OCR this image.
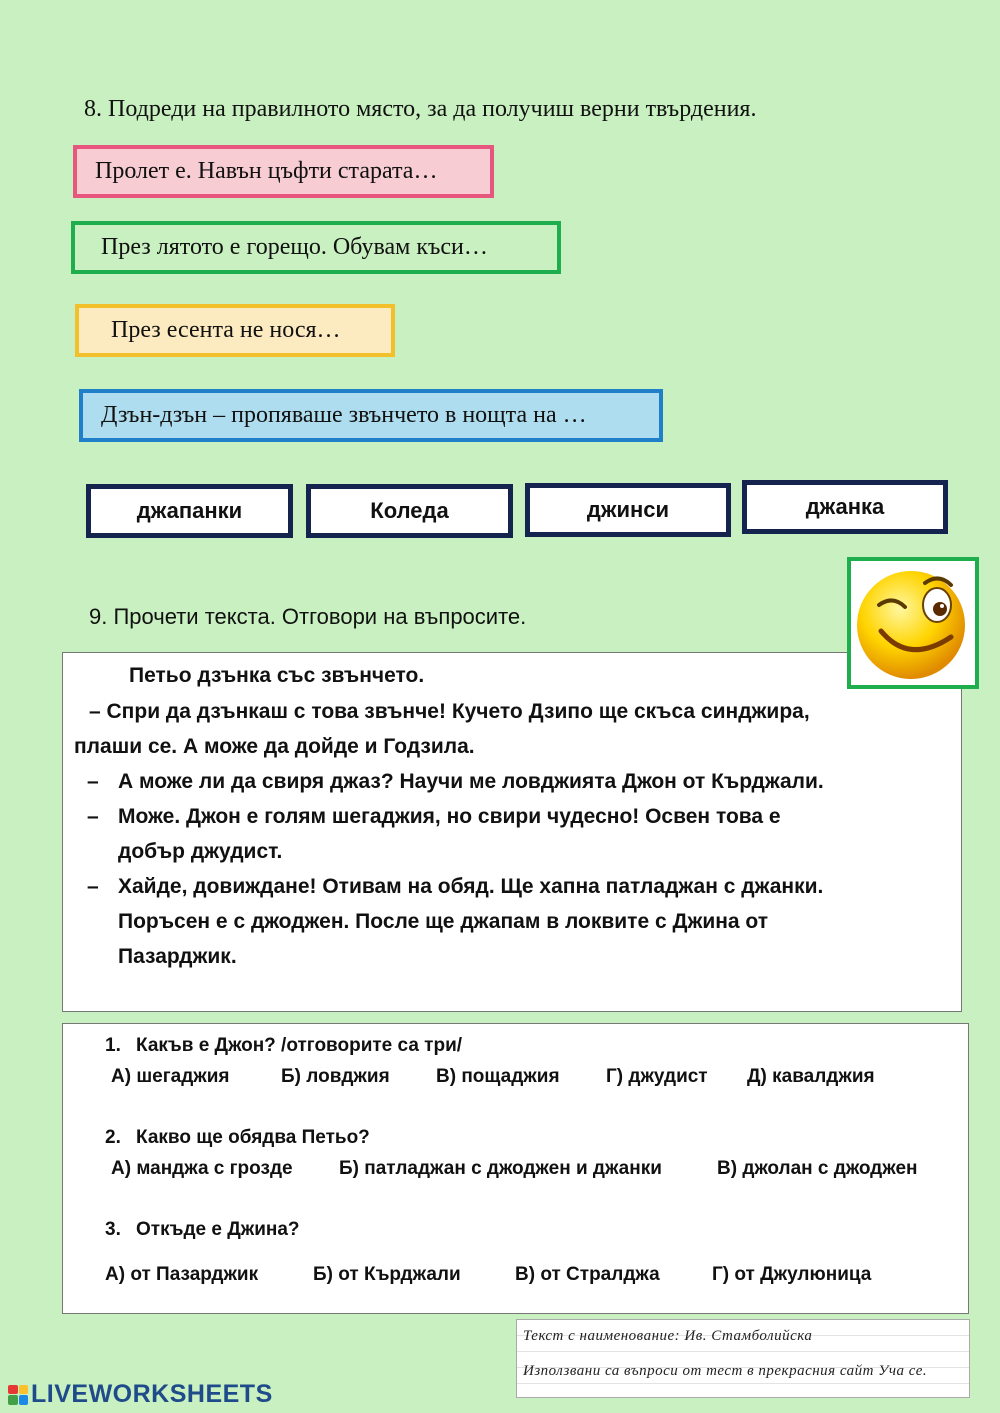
8. Подреди на правилното място, за да получиш верни твърдения.
Пролет е. Навън цъфти старата…
През лятото е горещо. Обувам къси…
През есента не нося…
Дзън-дзън – пропяваше звънчето в нощта на …
джапанки	Коледа	джинси	джанка
9. Прочети текста. Отговори на въпросите.
Петьо дзънка със звънчето.
– Спри да дзънкаш с това звънче! Кучето Дзипо ще скъса синджира,
плаши се. А може да дойде и Годзила.
– А може ли да свиря джаз? Научи ме ловджията Джон от Кърджали.
– Може. Джон е голям шегаджия, но свири чудесно! Освен това е
добър джудист.
– Хайде, довиждане! Отивам на обяд. Ще хапна патладжан с джанки.
Поръсен е с джоджен. После ще джапам в локвите с Джина от
Пазарджик.
1. Какъв е Джон? /отговорите са три/
А) шегаджия	Б) ловджия В) пощаджия Г) джудист Д) кавалджия
2. Какво ще обядва Петьо?
А) манджа с грозде Б) патладжан с джоджен и джанки	В) джолан с джоджен
3. Откъде е Джина?
А) от Пазарджик	Б) от Кърджали	В) от Стралджа	Г) от Джулюница
Текст с наименование: Ив. Стамболийска
Използвани са въпроси от тест в прекрасния сайт Уча се.
LIVEWORKSHEETS
